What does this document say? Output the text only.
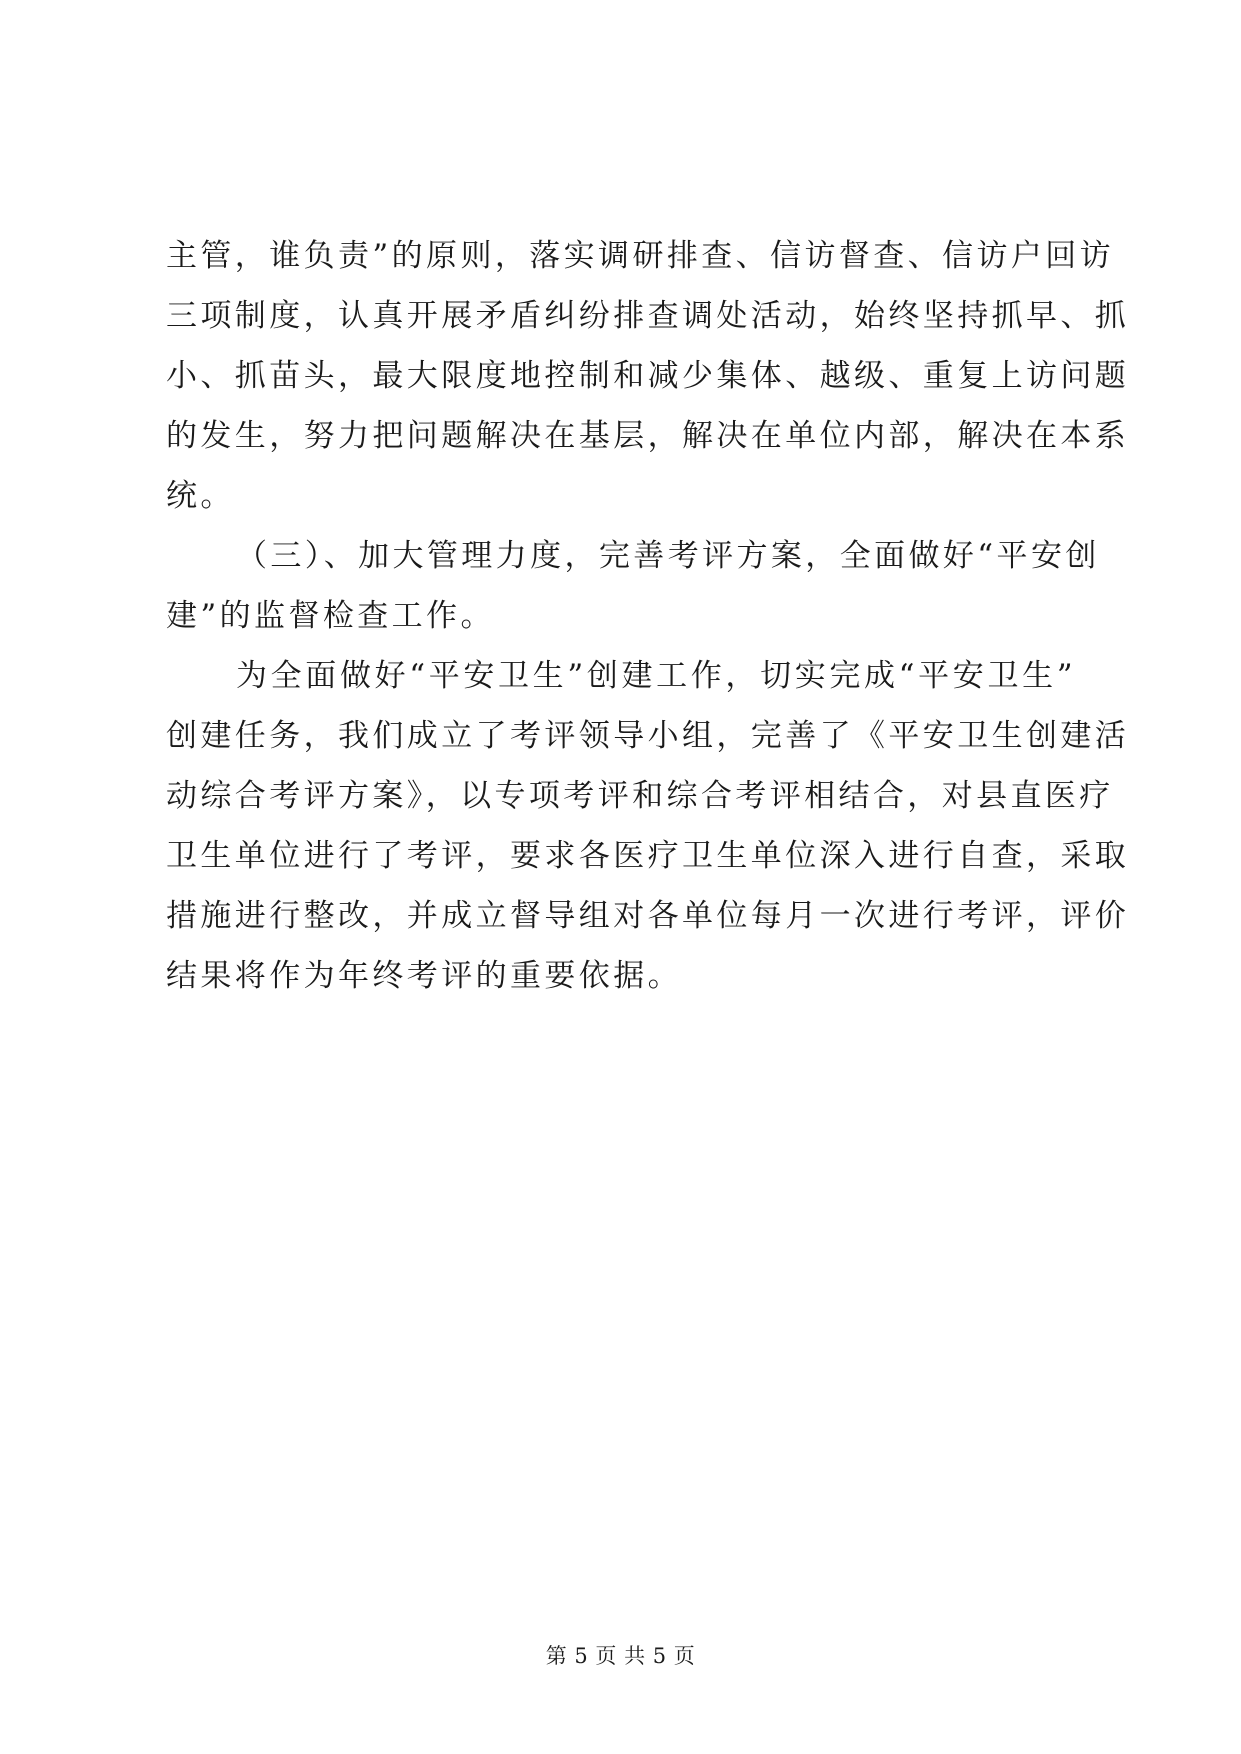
主管，谁负责”的原则，落实调研排查、信访督查、信访户回访
三项制度，认真开展矛盾纠纷排查调处活动，始终坚持抓早、抓
小、抓苗头，最大限度地控制和减少集体、越级、重复上访问题
的发生，努力把问题解决在基层，解决在单位内部，解决在本系
统。
（三）、加大管理力度，完善考评方案，全面做好“平安创
建”的监督检查工作。
为全面做好“平安卫生”创建工作，切实完成“平安卫生”
创建任务，我们成立了考评领导小组，完善了《平安卫生创建活
动综合考评方案》，以专项考评和综合考评相结合，对县直医疗
卫生单位进行了考评，要求各医疗卫生单位深入进行自查，采取
措施进行整改，并成立督导组对各单位每月一次进行考评，评价
结果将作为年终考评的重要依据。
第 5 页 共 5 页
